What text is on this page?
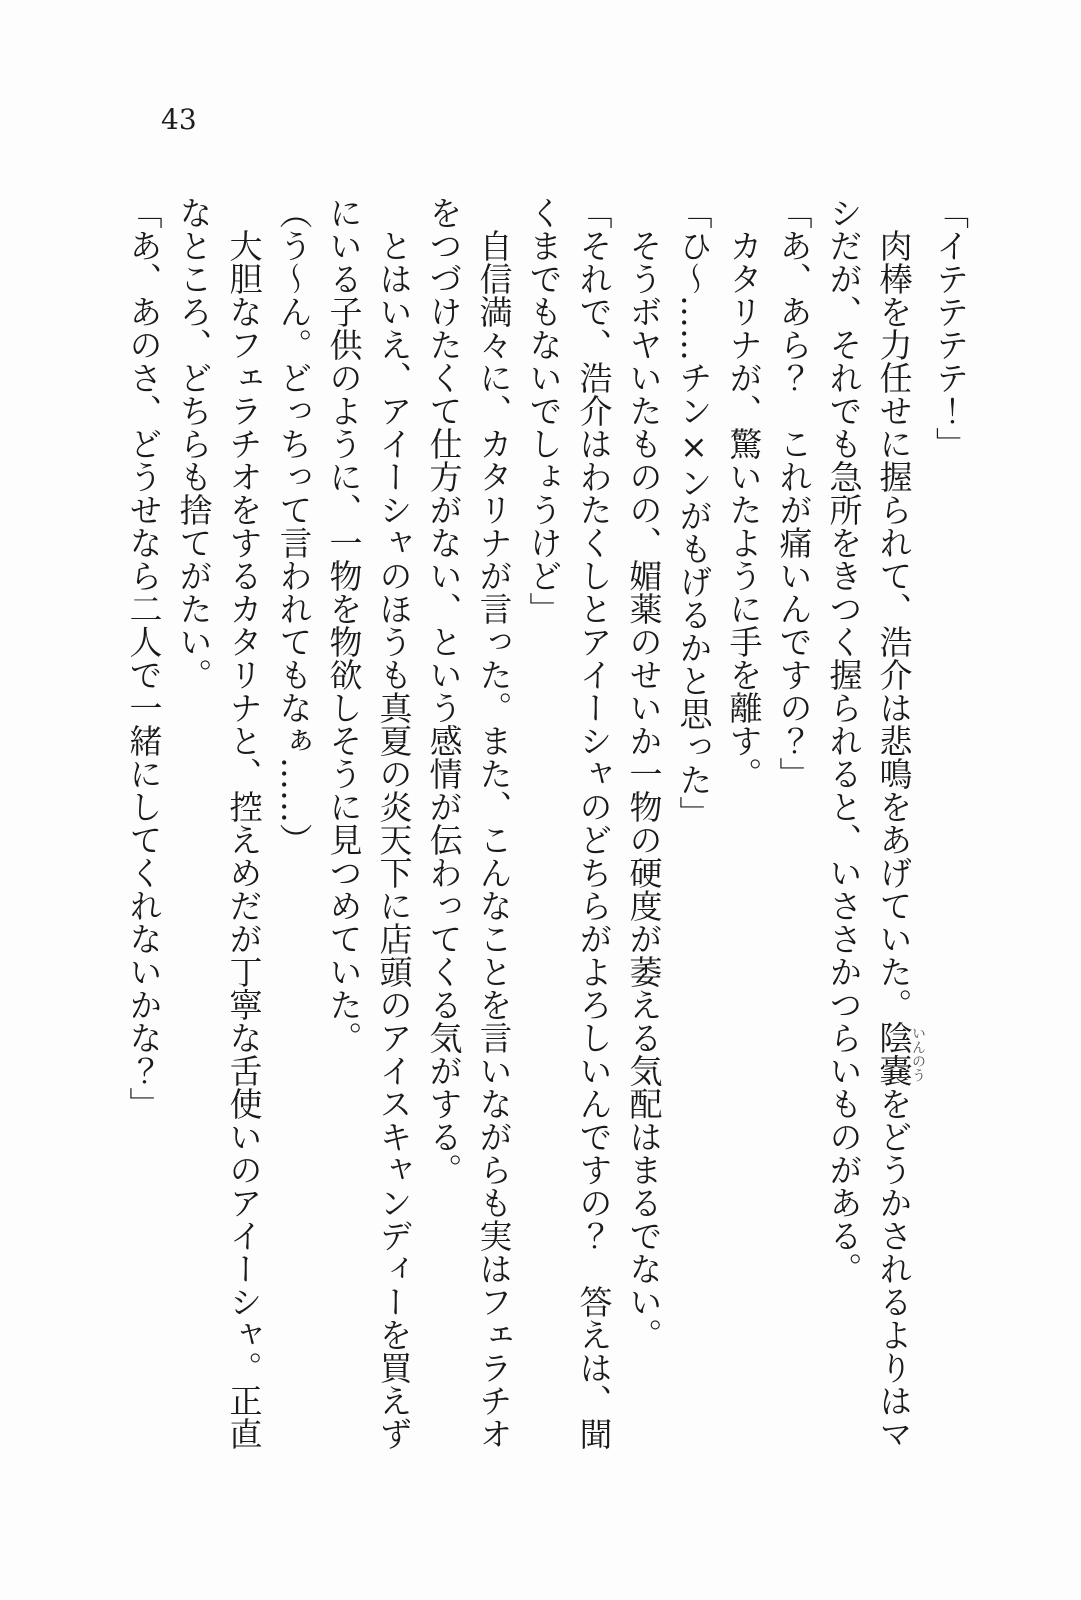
43
「イテテテテ！」
　肉棒を力任せに握られて、浩介は悲鳴をあげていた。陰嚢いんのうをどうかされるよりはマ
シだが、それでも急所をきつく握られると、いささかつらいものがある。
「あ、あら？　これが痛いんですの？」
　カタリナが、驚いたように手を離す。
「ひ〜……チン×ンがもげるかと思った」
　そうボヤいたものの、媚薬のせいか一物の硬度が萎える気配はまるでない。
「それで、浩介はわたくしとアイーシャのどちらがよろしいんですの？　答えは、聞
くまでもないでしょうけど」
　自信満々に、カタリナが言った。また、こんなことを言いながらも実はフェラチオ
をつづけたくて仕方がない、という感情が伝わってくる気がする。
　とはいえ、アイーシャのほうも真夏の炎天下に店頭のアイスキャンディーを買えず
にいる子供のように、一物を物欲しそうに見つめていた。
（う〜ん。どっちって言われてもなぁ……）
　大胆なフェラチオをするカタリナと、控えめだが丁寧な舌使いのアイーシャ。正直
なところ、どちらも捨てがたい。
「あ、あのさ、どうせなら二人で一緒にしてくれないかな？」
